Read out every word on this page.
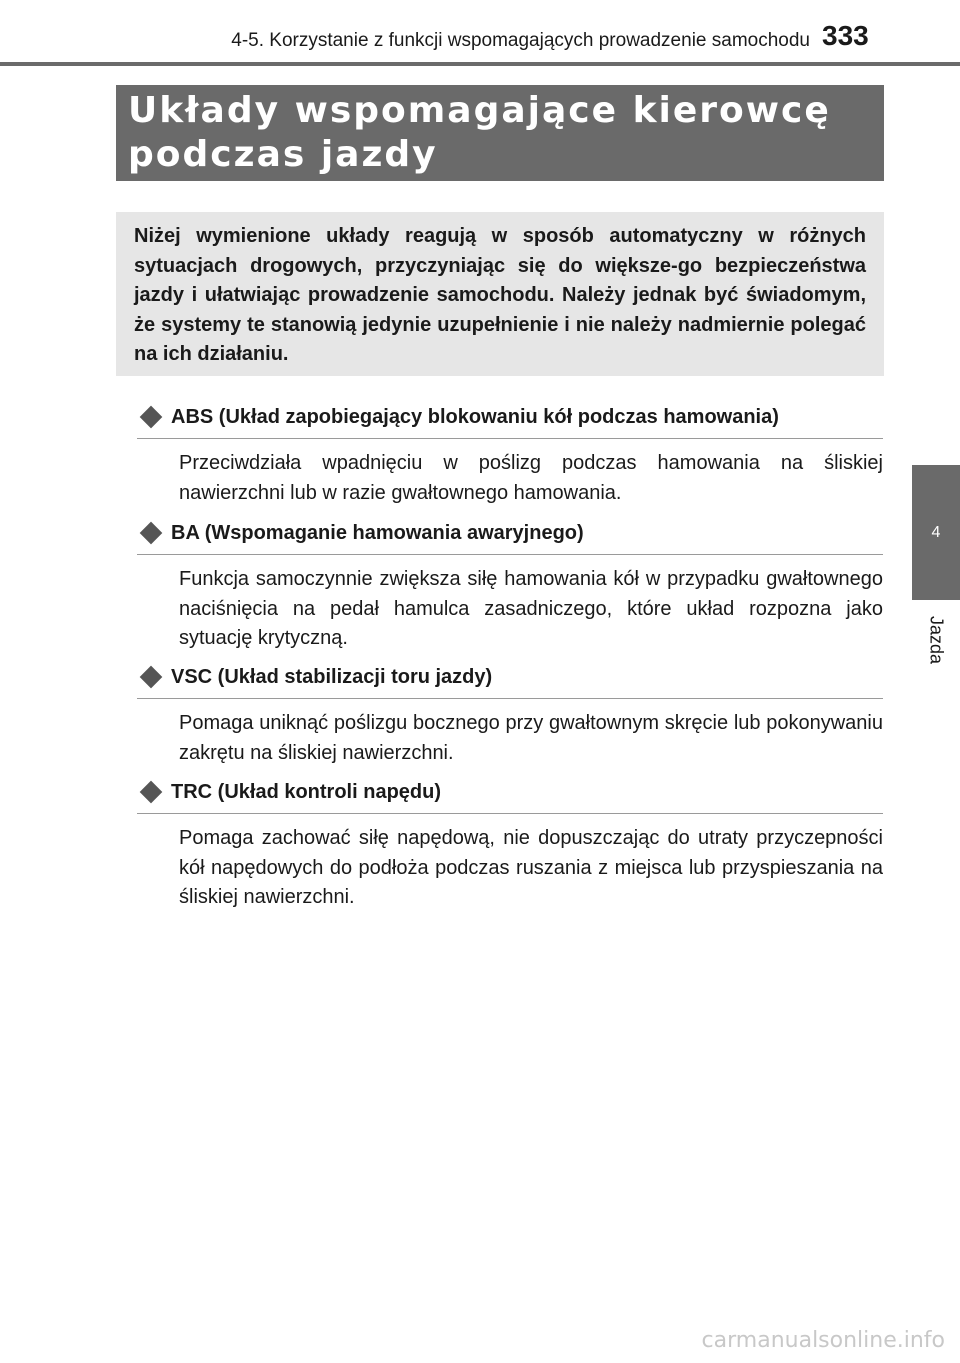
4-5. Korzystanie z funkcji wspomagających prowadzenie samochodu 333
Układy wspomagające kierowcę
podczas jazdy

Niżej wymienione układy reagują w sposób automatyczny w różnych sytuacjach drogowych, przyczyniając się do większe-go bezpieczeństwa jazdy i ułatwiając prowadzenie samochodu. Należy jednak być świadomym, że systemy te stanowią jedynie uzupełnienie i nie należy nadmiernie polegać na ich działaniu.

4
Jazda
ABS (Układ zapobiegający blokowaniu kół podczas hamowania)

Przeciwdziała wpadnięciu w poślizg podczas hamowania na śliskiej nawierzchni lub w razie gwałtownego hamowania.

BA (Wspomaganie hamowania awaryjnego)

Funkcja samoczynnie zwiększa siłę hamowania kół w przypadku gwałtownego naciśnięcia na pedał hamulca zasadniczego, które układ rozpozna jako sytuację krytyczną.

VSC (Układ stabilizacji toru jazdy)

Pomaga uniknąć poślizgu bocznego przy gwałtownym skręcie lub pokonywaniu zakrętu na śliskiej nawierzchni.

TRC (Układ kontroli napędu)

Pomaga zachować siłę napędową, nie dopuszczając do utraty przyczepności kół napędowych do podłoża podczas ruszania z miejsca lub przyspieszania na śliskiej nawierzchni.

carmanualsonline.info
